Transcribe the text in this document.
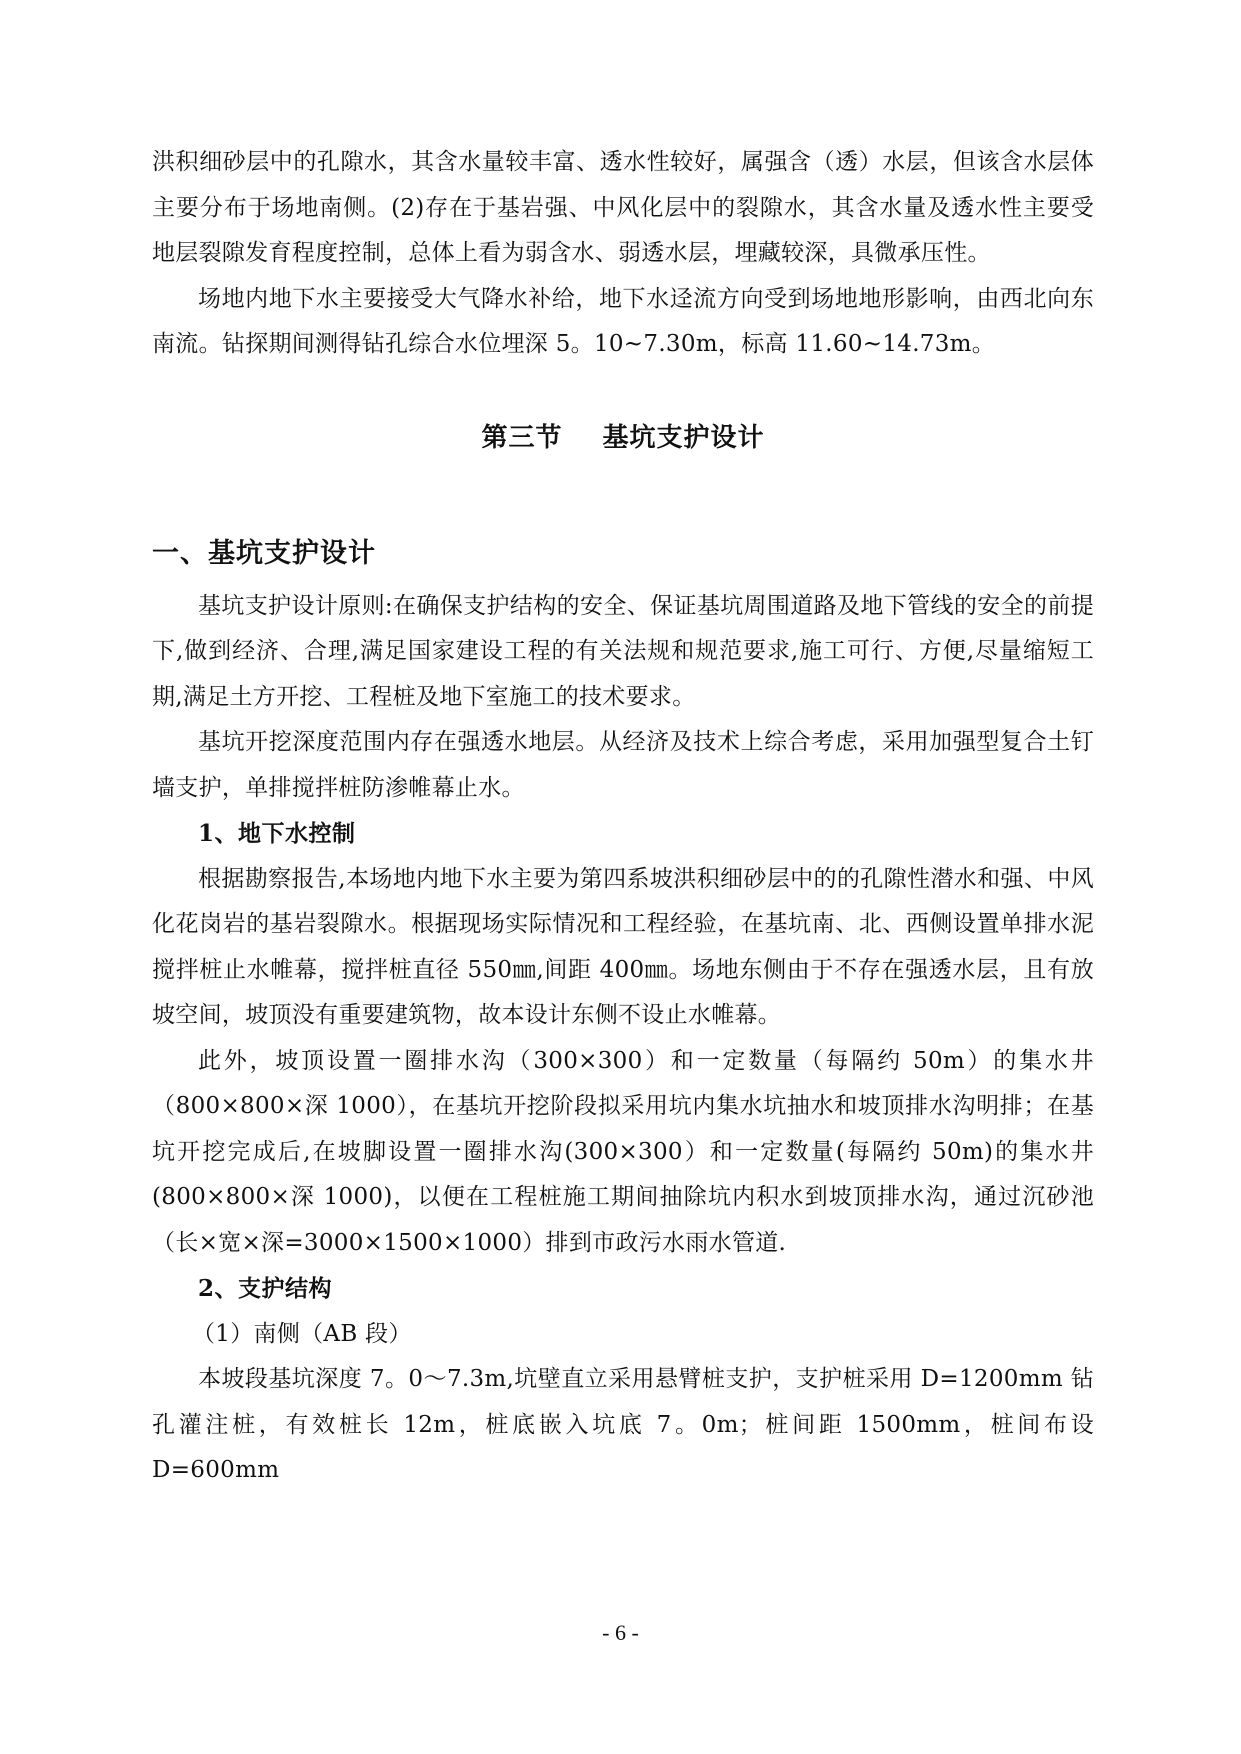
洪积细砂层中的孔隙水，其含水量较丰富、透水性较好，属强含（透）水层，但该含水层体主要分布于场地南侧。(2)存在于基岩强、中风化层中的裂隙水，其含水量及透水性主要受地层裂隙发育程度控制，总体上看为弱含水、弱透水层，埋藏较深，具微承压性。

场地内地下水主要接受大气降水补给，地下水迳流方向受到场地地形影响，由西北向东南流。钻探期间测得钻孔综合水位埋深 5。10~7.30m，标高 11.60~14.73m。

第三节 基坑支护设计
一、基坑支护设计

基坑支护设计原则:在确保支护结构的安全、保证基坑周围道路及地下管线的安全的前提下,做到经济、合理,满足国家建设工程的有关法规和规范要求,施工可行、方便,尽量缩短工期,满足土方开挖、工程桩及地下室施工的技术要求。

基坑开挖深度范围内存在强透水地层。从经济及技术上综合考虑，采用加强型复合土钉墙支护，单排搅拌桩防渗帷幕止水。

1、地下水控制

根据勘察报告,本场地内地下水主要为第四系坡洪积细砂层中的的孔隙性潜水和强、中风化花岗岩的基岩裂隙水。根据现场实际情况和工程经验，在基坑南、北、西侧设置单排水泥搅拌桩止水帷幕，搅拌桩直径 550㎜,间距 400㎜。场地东侧由于不存在强透水层，且有放坡空间，坡顶没有重要建筑物，故本设计东侧不设止水帷幕。

此外，坡顶设置一圈排水沟（300×300）和一定数量（每隔约 50m）的集水井（800×800×深 1000），在基坑开挖阶段拟采用坑内集水坑抽水和坡顶排水沟明排；在基坑开挖完成后,在坡脚设置一圈排水沟(300×300）和一定数量(每隔约 50m)的集水井(800×800×深 1000)，以便在工程桩施工期间抽除坑内积水到坡顶排水沟，通过沉砂池（长×宽×深=3000×1500×1000）排到市政污水雨水管道.

2、支护结构
（1）南侧（AB 段）

本坡段基坑深度 7。0～7.3m,坑壁直立采用悬臂桩支护，支护桩采用 D=1200mm 钻孔灌注桩，有效桩长 12m，桩底嵌入坑底 7。0m；桩间距 1500mm，桩间布设 D=600mm

- 6 -
